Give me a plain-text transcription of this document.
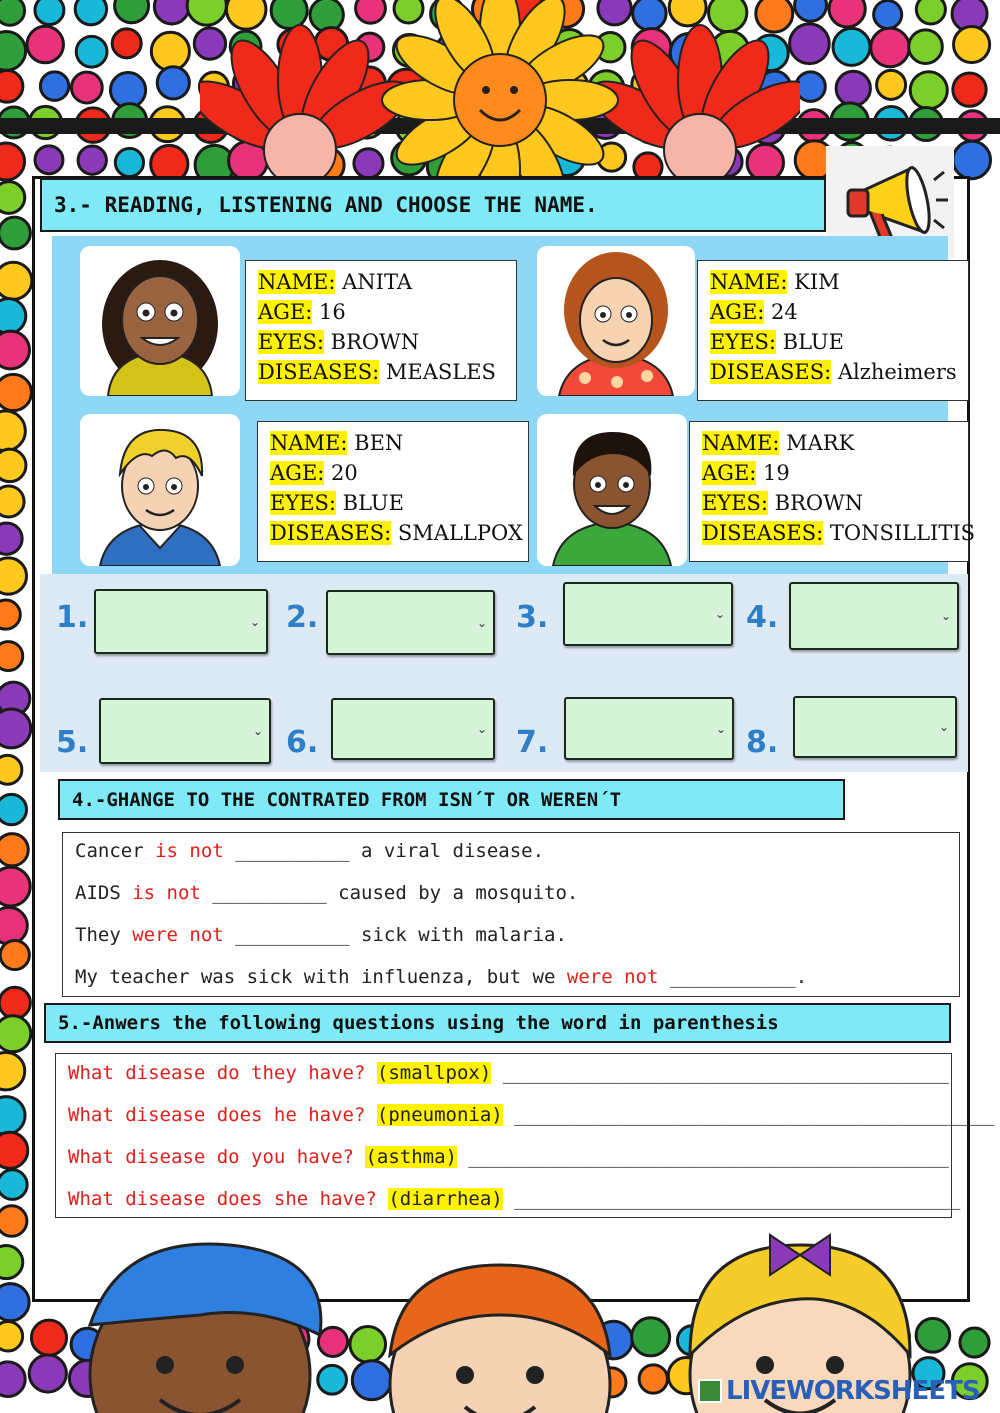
3.- READING, LISTENING AND CHOOSE THE NAME.
NAME: ANITA
AGE: 16
EYES: BROWN
DISEASES: MEASLES
NAME: KIM
AGE: 24
EYES: BLUE
DISEASES: Alzheimers
NAME: BEN
AGE: 20
EYES: BLUE
DISEASES: SMALLPOX
NAME: MARK
AGE: 19
EYES: BROWN
DISEASES: TONSILLITIS
1.	⌄ 2.	⌄ 3.	⌄ 4.	⌄
5.	⌄ 6.	⌄ 7.	⌄ 8.	⌄
4.-GHANGE TO THE CONTRATED FROM ISN´T OR WEREN´T
Cancer is not __________ a viral disease.
AIDS is not __________ caused by a mosquito.
They were not __________ sick with malaria.
My teacher was sick with influenza, but we were not ___________.
5.-Anwers the following questions using the word in parenthesis
What disease do they have? (smallpox) _______________________________________
What disease does he have? (pneumonia) __________________________________________
What disease do you have? (asthma) __________________________________________
What disease does she have? (diarrhea) _______________________________________
LIVEWORKSHEETS
